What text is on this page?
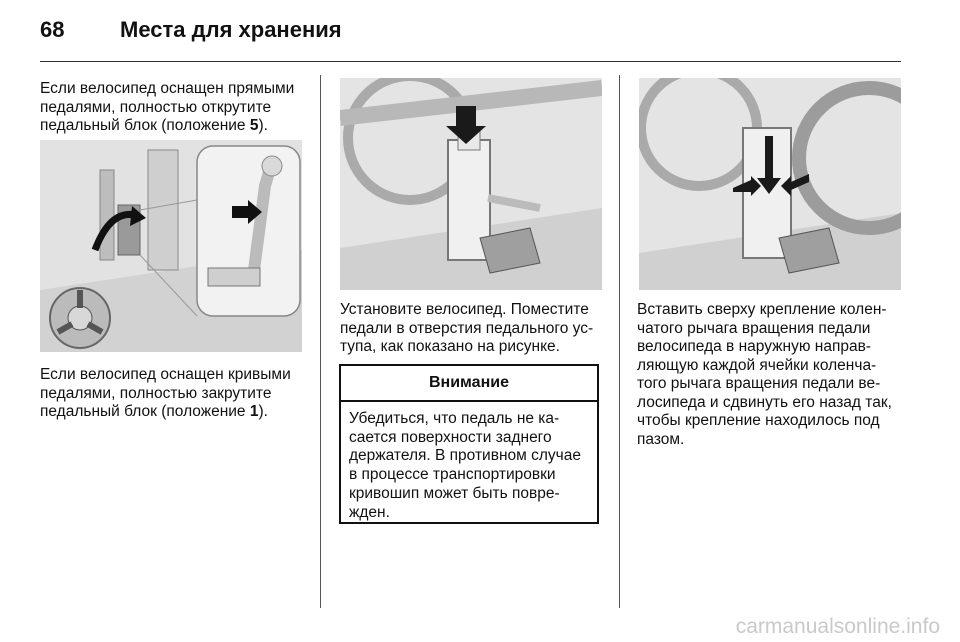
68	Места для хранения

Если велосипед оснащен прямыми
педалями, полностью открутите
педальный блок (положение 5).

Если велосипед оснащен кривыми
педалями, полностью закрутите
педальный блок (положение 1).

Установите велосипед. Поместите
педали в отверстия педального ус-
тупа, как показано на рисунке.

Внимание
Убедиться, что педаль не ка-
сается поверхности заднего
держателя. В противном случае
в процессе транспортировки
кривошип может быть повре-
жден.

Вставить сверху крепление колен-
чатого рычага вращения педали
велосипеда в наружную направ-
ляющую каждой ячейки коленча-
того рычага вращения педали ве-
лосипеда и сдвинуть его назад так,
чтобы крепление находилось под
пазом.

carmanualsonline.info
